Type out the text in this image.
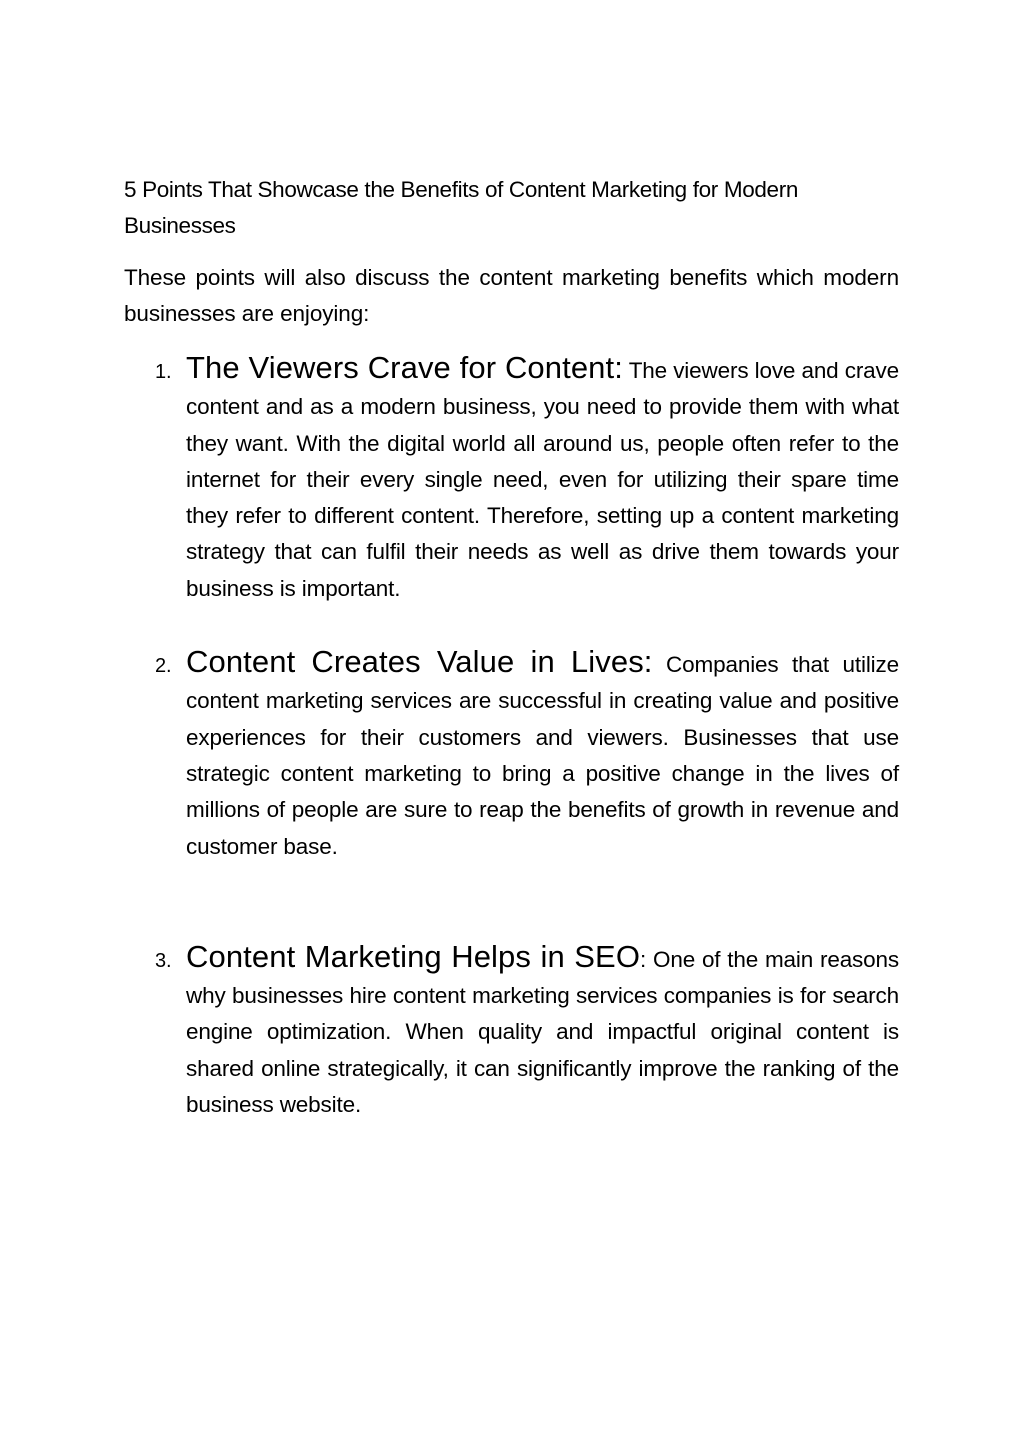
5 Points That Showcase the Benefits of Content Marketing for Modern Businesses

These points will also discuss the content marketing benefits which modern businesses are enjoying:

1. The Viewers Crave for Content: The viewers love and crave content and as a modern business, you need to provide them with what they want. With the digital world all around us, people often refer to the internet for their every single need, even for utilizing their spare time they refer to different content. Therefore, setting up a content marketing strategy that can fulfil their needs as well as drive them towards your business is important.
2. Content Creates Value in Lives: Companies that utilize content marketing services are successful in creating value and positive experiences for their customers and viewers. Businesses that use strategic content marketing to bring a positive change in the lives of millions of people are sure to reap the benefits of growth in revenue and customer base.
3. Content Marketing Helps in SEO: One of the main reasons why businesses hire content marketing services companies is for search engine optimization. When quality and impactful original content is shared online strategically, it can significantly improve the ranking of the business website.
